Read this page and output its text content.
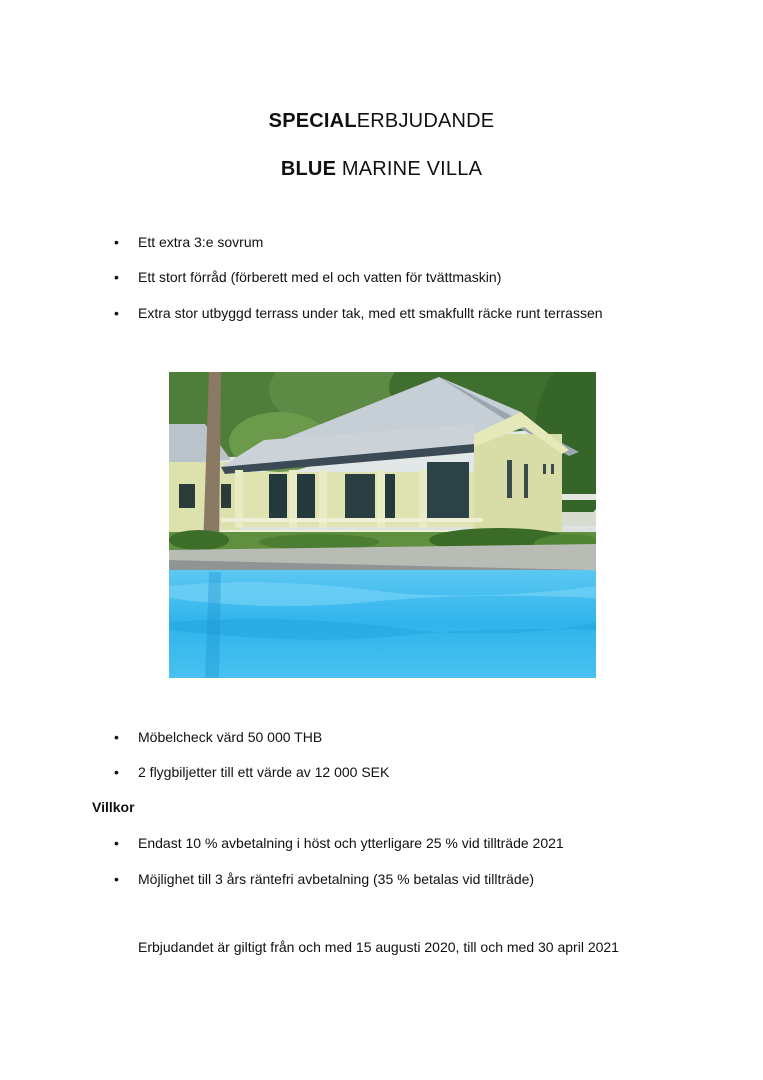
SPECIALERBJUDANDE
BLUE MARINE VILLA
• Ett extra 3:e sovrum
• Ett stort förråd (förberett med el och vatten för tvättmaskin)
• Extra stor utbyggd terrass under tak, med ett smakfullt räcke runt terrassen
• Möbelcheck värd 50 000 THB
• 2 flygbiljetter till ett värde av 12 000 SEK
Villkor
• Endast 10 % avbetalning i höst och ytterligare 25 % vid tillträde 2021
• Möjlighet till 3 års räntefri avbetalning (35 % betalas vid tillträde)
Erbjudandet är giltigt från och med 15 augusti 2020, till och med 30 april 2021
